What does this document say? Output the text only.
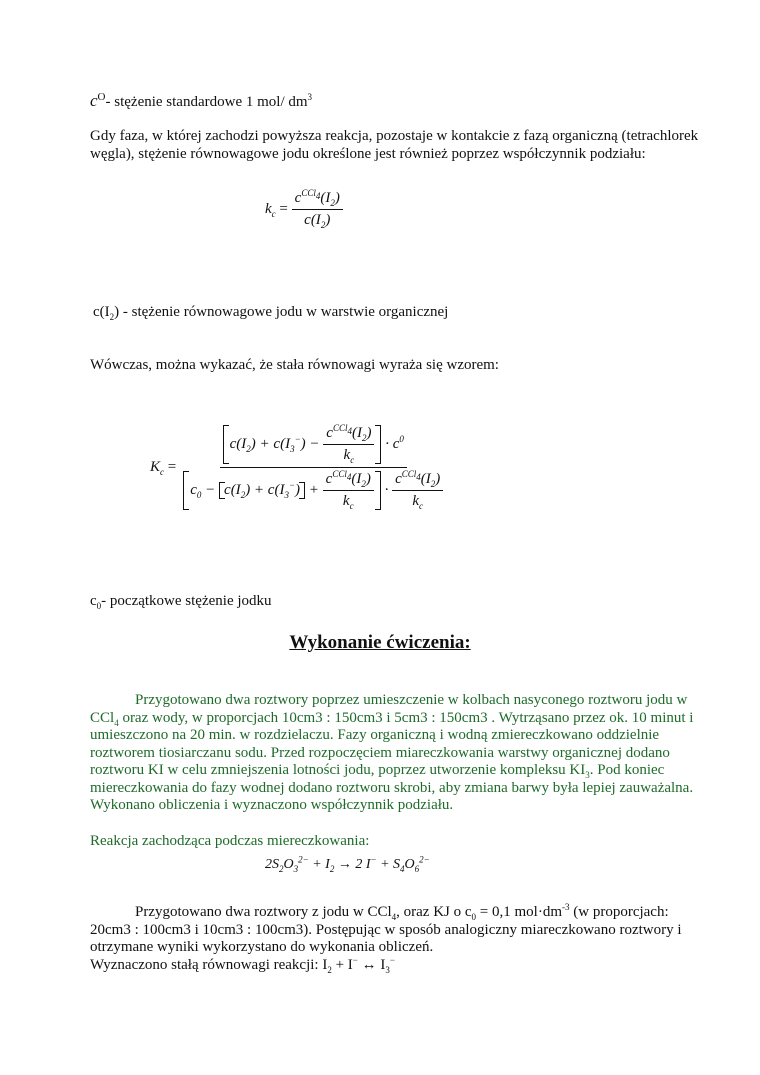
$c^O-$ stężenie standardowe 1 mol/ $dm^3$
Gdy faza, w której zachodzi powyższa reakcja, pozostaje w kontakcie z fazą organiczną (tetrachlorek węgla), stężenie równowagowe jodu określone jest również poprzez współczynnik podziału:
$k_c = \frac{c^{CCl_4}(I_2)}{c(I_2)}$
$c(I_2)$ - stężenie równowagowe jodu w warstwie organicznej
Wówczas, można wykazać, że stała równowagi wyraża się wzorem:
$K_c$ =
$c(I_2) + c(I_3^-) - \frac{c^{CCl_4}(I_2)}{k_c} \cdot c^0$
$c_0 - c(I_2) + c(I_3^-) + \frac{c^{CCl_4}(I_2)}{k_c} \cdot \frac{c^{CCl_4}(I_2)}{k_c}$
$c_0-$ początkowe stężenie jodku
Wykonanie ćwiczenia:
Przygotowano dwa roztwory poprzez umieszczenie w kolbach nasyconego roztworu jodu w CCl$_4$ oraz wody, w proporcjach 10cm3 : 150cm3 i 5cm3 : 150cm3 . Wytrząsano przez ok. 10 minut i umieszczono na 20 min. w rozdzielaczu. Fazy organiczną i wodną zmiereczkowano oddzielnie roztworem tiosiarczanu sodu. Przed rozpoczęciem miareczkowania warstwy organicznej dodano roztworu KI w celu zmniejszenia lotności jodu, poprzez utworzenie kompleksu $KI_3$. Pod koniec miereczkowania do fazy wodnej dodano roztworu skrobi, aby zmiana barwy była lepiej zauważalna. Wykonano obliczenia i wyznaczono współczynnik podziału.
Reakcja zachodząca podczas miereczkowania:
$2S_2O_3^{2-} + I_2 \to 2$ $I^- + S_4O_6^{2-}$
Przygotowano dwa roztwory z jodu w CCl$_4$, oraz KJ o $c_0 = 0,1$ $mol\cdot dm^{-3}$ (w proporcjach: 20cm3 : 100cm3 i 10cm3 : 100cm3). Postępując w sposób analogiczny miareczkowano roztwory i otrzymane wyniki wykorzystano do wykonania obliczeń.
Wyznaczono stałą równowagi reakcji: $I_2 + I^-$ ↔ $I_3^-$
